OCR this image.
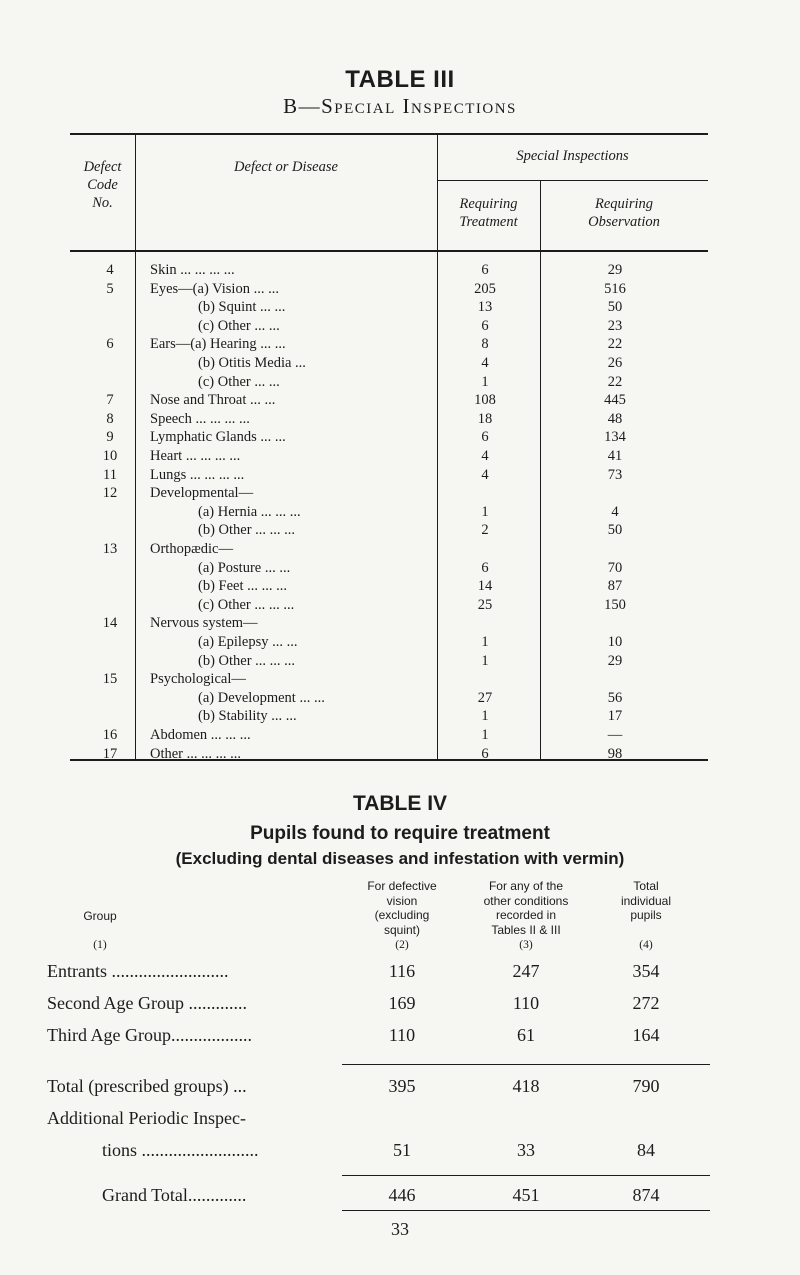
TABLE III
B—Special Inspections
Defect
Code
No.
Defect or Disease
Special Inspections
Requiring
Treatment
Requiring
Observation
4	Skin ... ... ... ...	6	29
5	Eyes—(a) Vision ... ...	205	516
(b) Squint ... ...	13	50
(c) Other ... ...	6	23
6	Ears—(a) Hearing ... ...	8	22
(b) Otitis Media ...	4	26
(c) Other ... ...	1	22
7	Nose and Throat ... ...	108	445
8	Speech ... ... ... ...	18	48
9	Lymphatic Glands ... ...	6	134
10	Heart ... ... ... ...	4	41
11	Lungs ... ... ... ...	4	73
12	Developmental—
(a) Hernia ... ... ...	1	4
(b) Other ... ... ...	2	50
13	Orthopædic—
(a) Posture ... ...	6	70
(b) Feet ... ... ...	14	87
(c) Other ... ... ...	25	150
14	Nervous system—
(a) Epilepsy ... ...	1	10
(b) Other ... ... ...	1	29
15	Psychological—
(a) Development ... ...	27	56
(b) Stability ... ...	1	17
16	Abdomen ... ... ...	1	—
17	Other ... ... ... ...	6	98
TABLE IV
Pupils found to require treatment
(Excluding dental diseases and infestation with vermin)
Group
For defective
vision
(excluding
squint)
For any of the
other conditions
recorded in
Tables II & III
Total
individual
pupils
(1)	(2)	(3)	(4)
Entrants ..........................	116	247	354
Second Age Group .............	169	110	272
Third Age Group..................	110	61	164
Total (prescribed groups) ...	395	418	790
Additional Periodic Inspec-
tions ..........................	51	33	84
Grand Total.............	446	451	874
33
